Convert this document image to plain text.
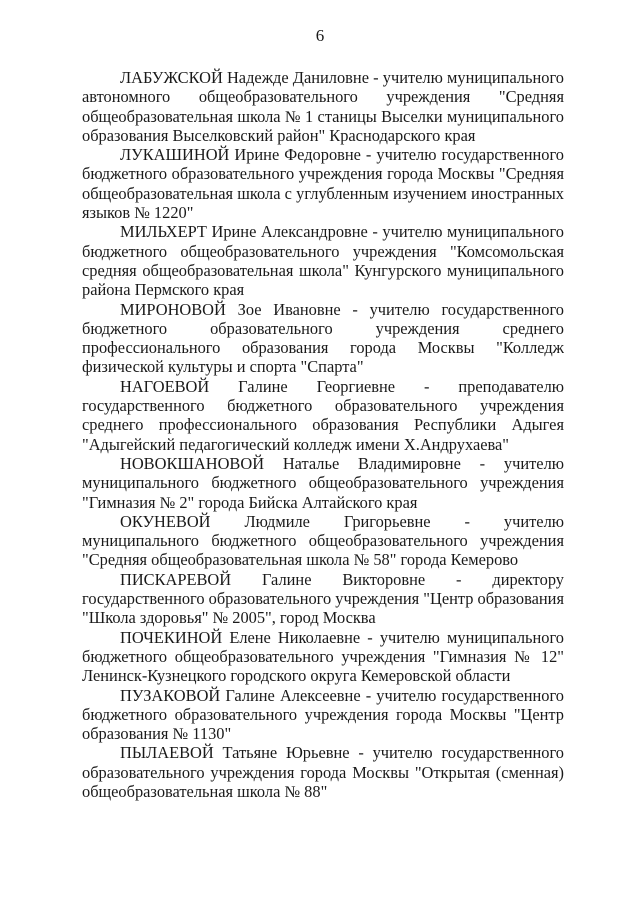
6

ЛАБУЖСКОЙ Надежде Даниловне - учителю муниципального автономного общеобразовательного учреждения "Средняя общеобразовательная школа № 1 станицы Выселки муниципального образования Выселковский район" Краснодарского края

ЛУКАШИНОЙ Ирине Федоровне - учителю государственного бюджетного образовательного учреждения города Москвы "Средняя общеобразовательная школа с углубленным изучением иностранных языков № 1220"

МИЛЬХЕРТ Ирине Александровне - учителю муниципального бюджетного общеобразовательного учреждения "Комсомольская средняя общеобразовательная школа" Кунгурского муниципального района Пермского края

МИРОНОВОЙ Зое Ивановне - учителю государственного бюджетного образовательного учреждения среднего профессионального образования города Москвы "Колледж физической культуры и спорта "Спарта"

НАГОЕВОЙ Галине Георгиевне - преподавателю государственного бюджетного образовательного учреждения среднего профессионального образования Республики Адыгея "Адыгейский педагогический колледж имени Х.Андрухаева"

НОВОКШАНОВОЙ Наталье Владимировне - учителю муниципального бюджетного общеобразовательного учреждения "Гимназия № 2" города Бийска Алтайского края

ОКУНЕВОЙ Людмиле Григорьевне - учителю муниципального бюджетного общеобразовательного учреждения "Средняя общеобразовательная школа № 58" города Кемерово

ПИСКАРЕВОЙ Галине Викторовне - директору государственного образовательного учреждения "Центр образования "Школа здоровья" № 2005", город Москва

ПОЧЕКИНОЙ Елене Николаевне - учителю муниципального бюджетного общеобразовательного учреждения "Гимназия № 12" Ленинск-Кузнецкого городского округа Кемеровской области

ПУЗАКОВОЙ Галине Алексеевне - учителю государственного бюджетного образовательного учреждения города Москвы "Центр образования № 1130"

ПЫЛАЕВОЙ Татьяне Юрьевне - учителю государственного образовательного учреждения города Москвы "Открытая (сменная) общеобразовательная школа № 88"
